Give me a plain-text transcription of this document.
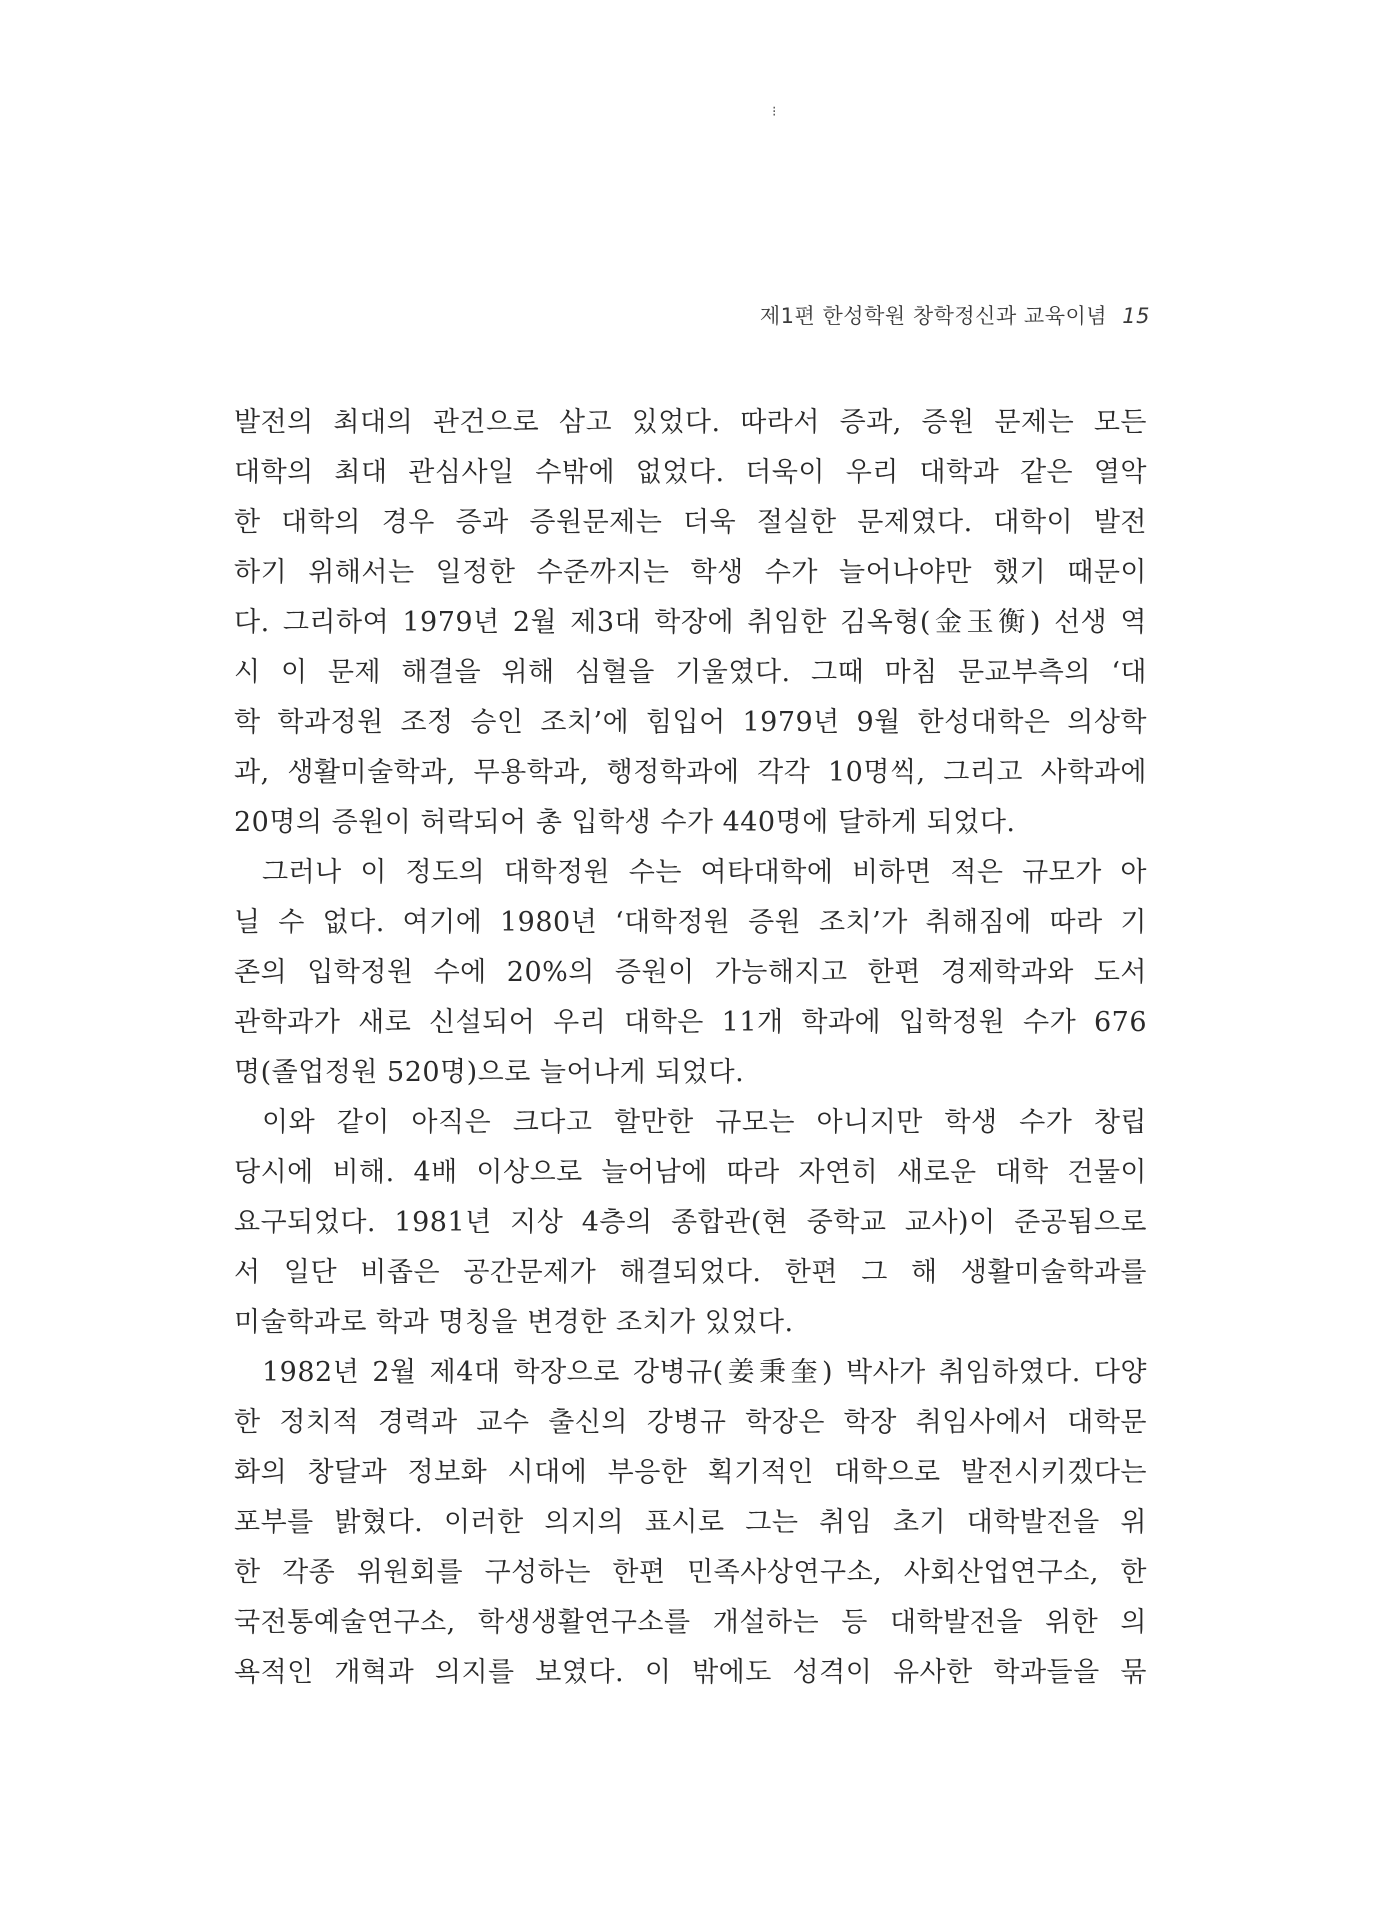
⁝
제1편 한성학원 창학정신과 교육이념 15
발전의 최대의 관건으로 삼고 있었다. 따라서 증과, 증원 문제는 모든
대학의 최대 관심사일 수밖에 없었다. 더욱이 우리 대학과 같은 열악
한 대학의 경우 증과 증원문제는 더욱 절실한 문제였다. 대학이 발전
하기 위해서는 일정한 수준까지는 학생 수가 늘어나야만 했기 때문이
다. 그리하여 1979년 2월 제3대 학장에 취임한 김옥형(金玉衡) 선생 역
시 이 문제 해결을 위해 심혈을 기울였다. 그때 마침 문교부측의 ‘대
학 학과정원 조정 승인 조치’에 힘입어 1979년 9월 한성대학은 의상학
과, 생활미술학과, 무용학과, 행정학과에 각각 10명씩, 그리고 사학과에
20명의 증원이 허락되어 총 입학생 수가 440명에 달하게 되었다.
그러나 이 정도의 대학정원 수는 여타대학에 비하면 적은 규모가 아
닐 수 없다. 여기에 1980년 ‘대학정원 증원 조치’가 취해짐에 따라 기
존의 입학정원 수에 20%의 증원이 가능해지고 한편 경제학과와 도서
관학과가 새로 신설되어 우리 대학은 11개 학과에 입학정원 수가 676
명(졸업정원 520명)으로 늘어나게 되었다.
이와 같이 아직은 크다고 할만한 규모는 아니지만 학생 수가 창립
당시에 비해. 4배 이상으로 늘어남에 따라 자연히 새로운 대학 건물이
요구되었다. 1981년 지상 4층의 종합관(현 중학교 교사)이 준공됨으로
서 일단 비좁은 공간문제가 해결되었다. 한편 그 해 생활미술학과를
미술학과로 학과 명칭을 변경한 조치가 있었다.
1982년 2월 제4대 학장으로 강병규(姜秉奎) 박사가 취임하였다. 다양
한 정치적 경력과 교수 출신의 강병규 학장은 학장 취임사에서 대학문
화의 창달과 정보화 시대에 부응한 획기적인 대학으로 발전시키겠다는
포부를 밝혔다. 이러한 의지의 표시로 그는 취임 초기 대학발전을 위
한 각종 위원회를 구성하는 한편 민족사상연구소, 사회산업연구소, 한
국전통예술연구소, 학생생활연구소를 개설하는 등 대학발전을 위한 의
욕적인 개혁과 의지를 보였다. 이 밖에도 성격이 유사한 학과들을 묶
